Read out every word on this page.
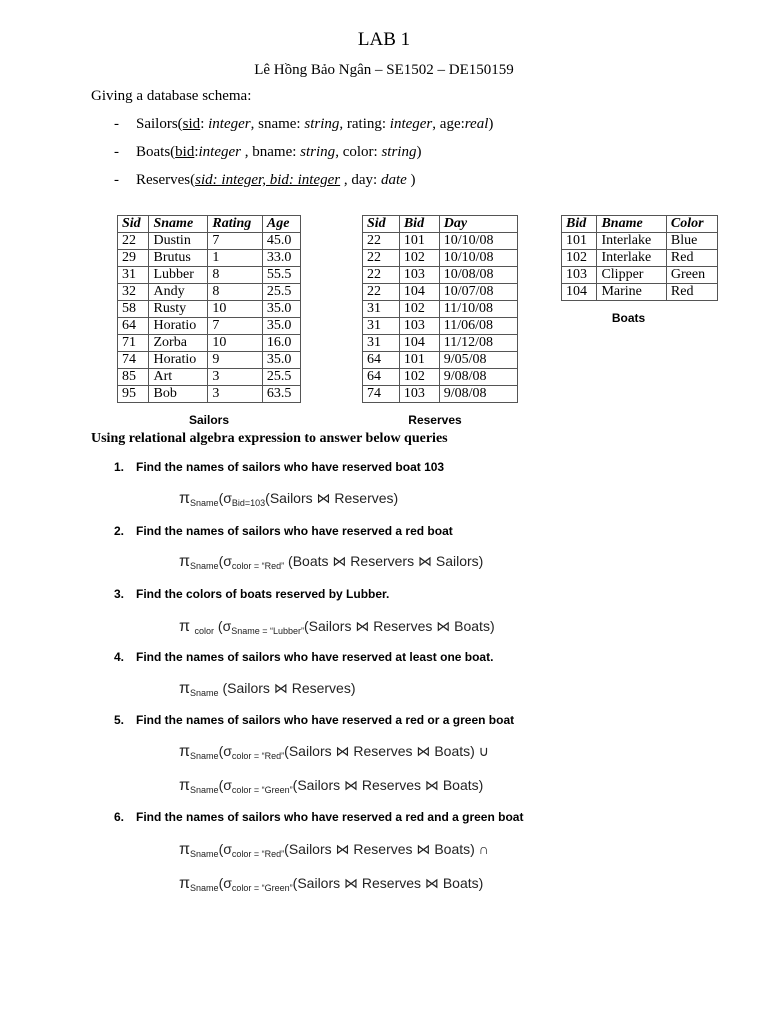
LAB 1
Lê Hồng Bảo Ngân – SE1502 – DE150159
Giving a database schema:
- Sailors(sid: integer, sname: string, rating: integer, age:real)
- Boats(bid:integer , bname: string, color: string)
- Reserves(sid: integer, bid: integer , day: date )
Sid	Sname	Rating	Age
22	Dustin	7	45.0
29	Brutus	1	33.0
31	Lubber	8	55.5
32	Andy	8	25.5
58	Rusty	10	35.0
64	Horatio	7	35.0
71	Zorba	10	16.0
74	Horatio	9	35.0
85	Art	3	25.5
95	Bob	3	63.5
Sailors
Sid	Bid	Day
22	101	10/10/08
22	102	10/10/08
22	103	10/08/08
22	104	10/07/08
31	102	11/10/08
31	103	11/06/08
31	104	11/12/08
64	101	9/05/08
64	102	9/08/08
74	103	9/08/08
Reserves
Bid	Bname	Color
101	Interlake	Blue
102	Interlake	Red
103	Clipper	Green
104	Marine	Red
Boats
Using relational algebra expression to answer below queries
1. Find the names of sailors who have reserved boat 103
$\pi_{Sname}(\sigma_{Bid=103}(Sailors$ ⋈ Reserves)
2. Find the names of sailors who have reserved a red boat
$\pi_{Sname}(\sigma_{color = “Red”}$ (Boats ⋈ Reservers ⋈ Sailors)
3. Find the colors of boats reserved by Lubber.
π $_{color}$ ($\sigma_{Sname = “Lubber”}(Sailors$ ⋈ Reserves ⋈ Boats)
4. Find the names of sailors who have reserved at least one boat.
$\pi_{Sname}$ (Sailors ⋈ Reserves)
5. Find the names of sailors who have reserved a red or a green boat
$\pi_{Sname}(\sigma_{color = “Red”}(Sailors$ ⋈ Reserves ⋈ Boats) ∪
$\pi_{Sname}(\sigma_{color = “Green”}(Sailors$ ⋈ Reserves ⋈ Boats)
6. Find the names of sailors who have reserved a red and a green boat
$\pi_{Sname}(\sigma_{color = “Red”}(Sailors$ ⋈ Reserves ⋈ Boats) ∩
$\pi_{Sname}(\sigma_{color = “Green”}(Sailors$ ⋈ Reserves ⋈ Boats)
